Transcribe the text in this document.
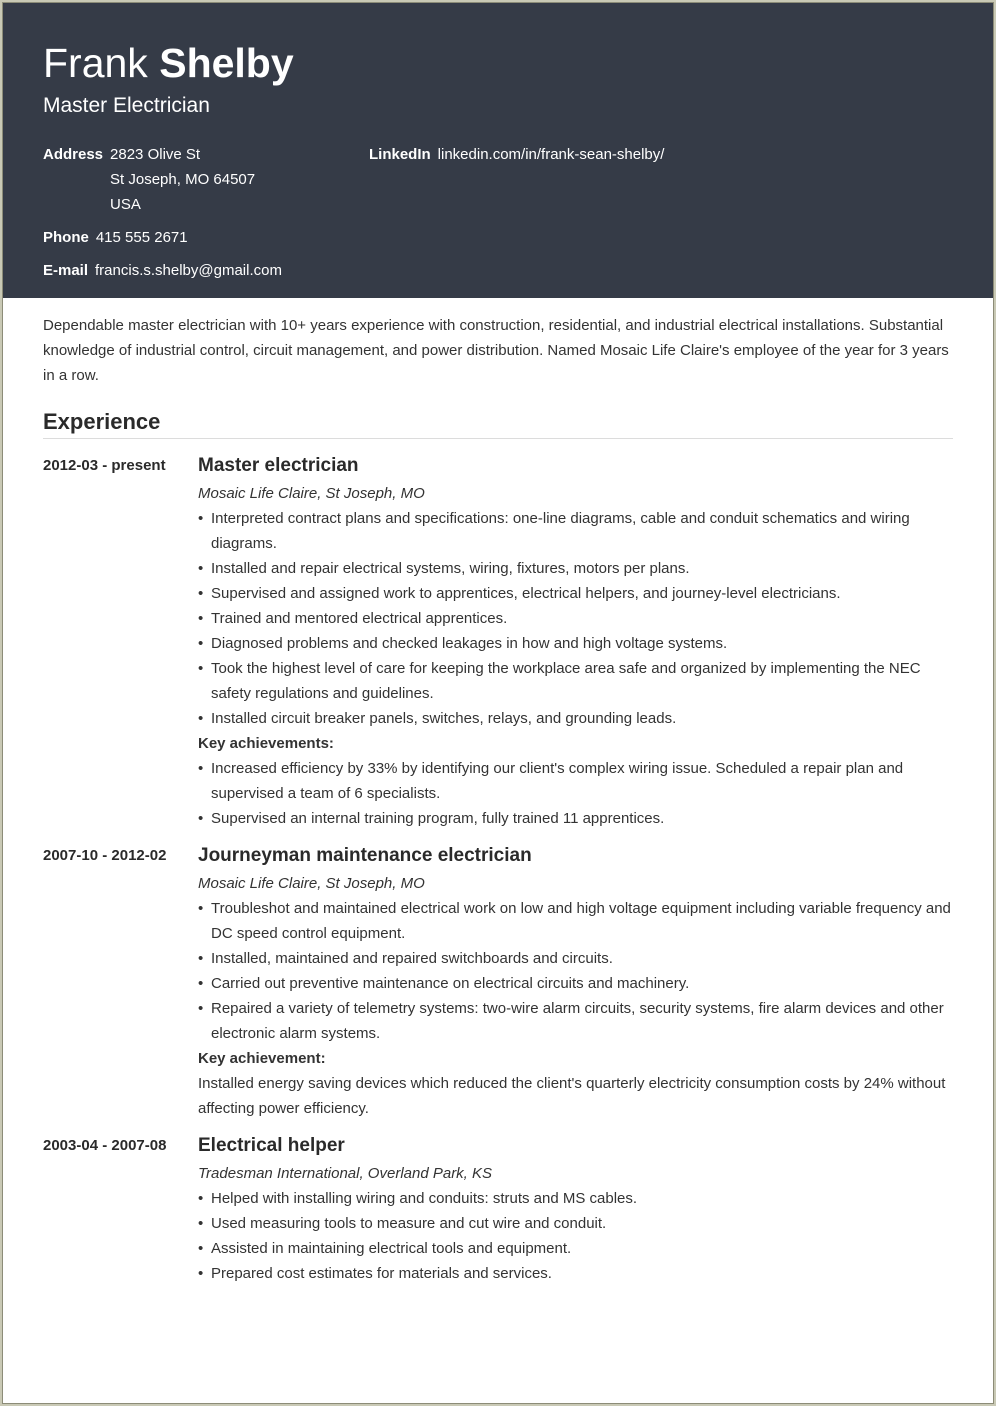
Frank Shelby
Master Electrician
Address 2823 Olive St
St Joseph, MO 64507
USA
LinkedIn linkedin.com/in/frank-sean-shelby/
Phone 415 555 2671
E-mail francis.s.shelby@gmail.com
Dependable master electrician with 10+ years experience with construction, residential, and industrial electrical installations. Substantial knowledge of industrial control, circuit management, and power distribution. Named Mosaic Life Claire's employee of the year for 3 years in a row.
Experience
2012-03 - present Master electrician
Mosaic Life Claire, St Joseph, MO
• Interpreted contract plans and specifications: one-line diagrams, cable and conduit schematics and wiring diagrams.
• Installed and repair electrical systems, wiring, fixtures, motors per plans.
• Supervised and assigned work to apprentices, electrical helpers, and journey-level electricians.
• Trained and mentored electrical apprentices.
• Diagnosed problems and checked leakages in how and high voltage systems.
• Took the highest level of care for keeping the workplace area safe and organized by implementing the NEC safety regulations and guidelines.
• Installed circuit breaker panels, switches, relays, and grounding leads.
Key achievements:
• Increased efficiency by 33% by identifying our client's complex wiring issue. Scheduled a repair plan and supervised a team of 6 specialists.
• Supervised an internal training program, fully trained 11 apprentices.
2007-10 - 2012-02 Journeyman maintenance electrician
Mosaic Life Claire, St Joseph, MO
• Troubleshot and maintained electrical work on low and high voltage equipment including variable frequency and DC speed control equipment.
• Installed, maintained and repaired switchboards and circuits.
• Carried out preventive maintenance on electrical circuits and machinery.
• Repaired a variety of telemetry systems: two-wire alarm circuits, security systems, fire alarm devices and other electronic alarm systems.
Key achievement:
Installed energy saving devices which reduced the client's quarterly electricity consumption costs by 24% without affecting power efficiency.
2003-04 - 2007-08 Electrical helper
Tradesman International, Overland Park, KS
• Helped with installing wiring and conduits: struts and MS cables.
• Used measuring tools to measure and cut wire and conduit.
• Assisted in maintaining electrical tools and equipment.
• Prepared cost estimates for materials and services.
